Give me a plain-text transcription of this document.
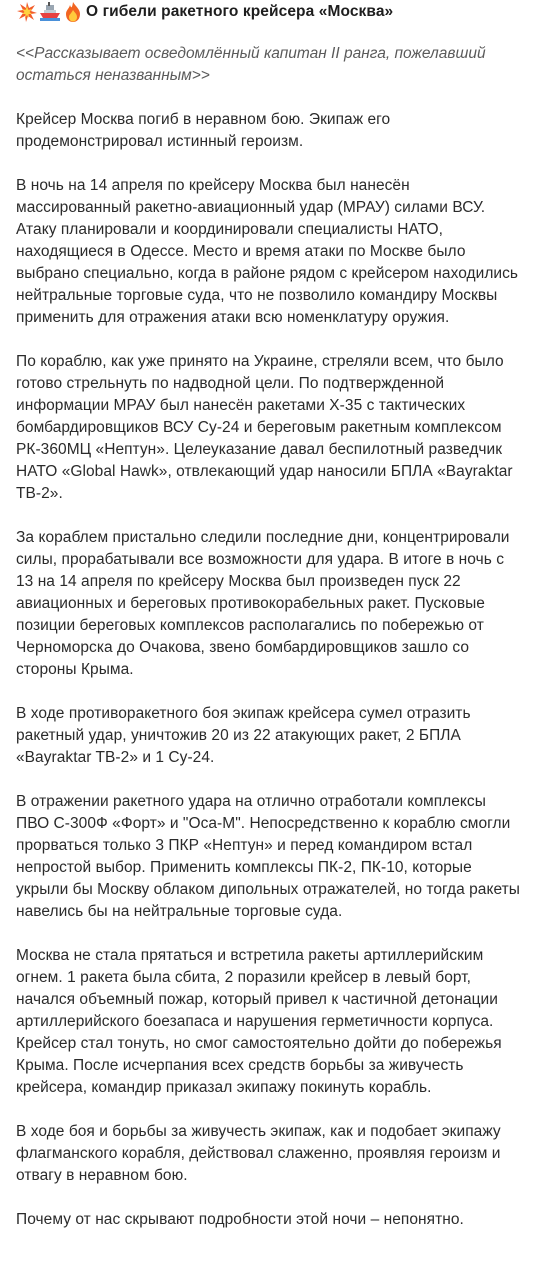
О гибели ракетного крейсера «Москва»
<<Рассказывает осведомлённый капитан II ранга, пожелавший остаться неназванным>>

Крейсер Москва погиб в неравном бою. Экипаж его продемонстрировал истинный героизм.

В ночь на 14 апреля по крейсеру Москва был нанесён массированный ракетно-авиационный удар (МРАУ) силами ВСУ. Атаку планировали и координировали специалисты НАТО, находящиеся в Одессе. Место и время атаки по Москве было выбрано специально, когда в районе рядом с крейсером находились нейтральные торговые суда, что не позволило командиру Москвы применить для отражения атаки всю номенклатуру оружия.

По кораблю, как уже принято на Украине, стреляли всем, что было готово стрельнуть по надводной цели. По подтвержденной информации МРАУ был нанесён ракетами Х-35 с тактических бомбардировщиков ВСУ Су-24 и береговым ракетным комплексом РК-360МЦ «Нептун». Целеуказание давал беспилотный разведчик НАТО «Global Hawk», отвлекающий удар наносили БПЛА «Bayraktar TB-2».

За кораблем пристально следили последние дни, концентрировали силы, прорабатывали все возможности для удара. В итоге в ночь с 13 на 14 апреля по крейсеру Москва был произведен пуск 22 авиационных и береговых противокорабельных ракет. Пусковые позиции береговых комплексов располагались по побережью от Черноморска до Очакова, звено бомбардировщиков зашло со стороны Крыма.

В ходе противоракетного боя экипаж крейсера сумел отразить ракетный удар, уничтожив 20 из 22 атакующих ракет, 2 БПЛА «Bayraktar TB-2» и 1 Су-24.

В отражении ракетного удара на отлично отработали комплексы ПВО С-300Ф «Форт» и "Оса-М". Непосредственно к кораблю смогли прорваться только 3 ПКР «Нептун» и перед командиром встал непростой выбор. Применить комплексы ПК-2, ПК-10, которые укрыли бы Москву облаком дипольных отражателей, но тогда ракеты навелись бы на нейтральные торговые суда.

Москва не стала прятаться и встретила ракеты артиллерийским огнем. 1 ракета была сбита, 2 поразили крейсер в левый борт, начался объемный пожар, который привел к частичной детонации артиллерийского боезапаса и нарушения герметичности корпуса. Крейсер стал тонуть, но смог самостоятельно дойти до побережья Крыма. После исчерпания всех средств борьбы за живучесть крейсера, командир приказал экипажу покинуть корабль.

В ходе боя и борьбы за живучесть экипаж, как и подобает экипажу флагманского корабля, действовал слаженно, проявляя героизм и отвагу в неравном бою.

Почему от нас скрывают подробности этой ночи – непонятно.
